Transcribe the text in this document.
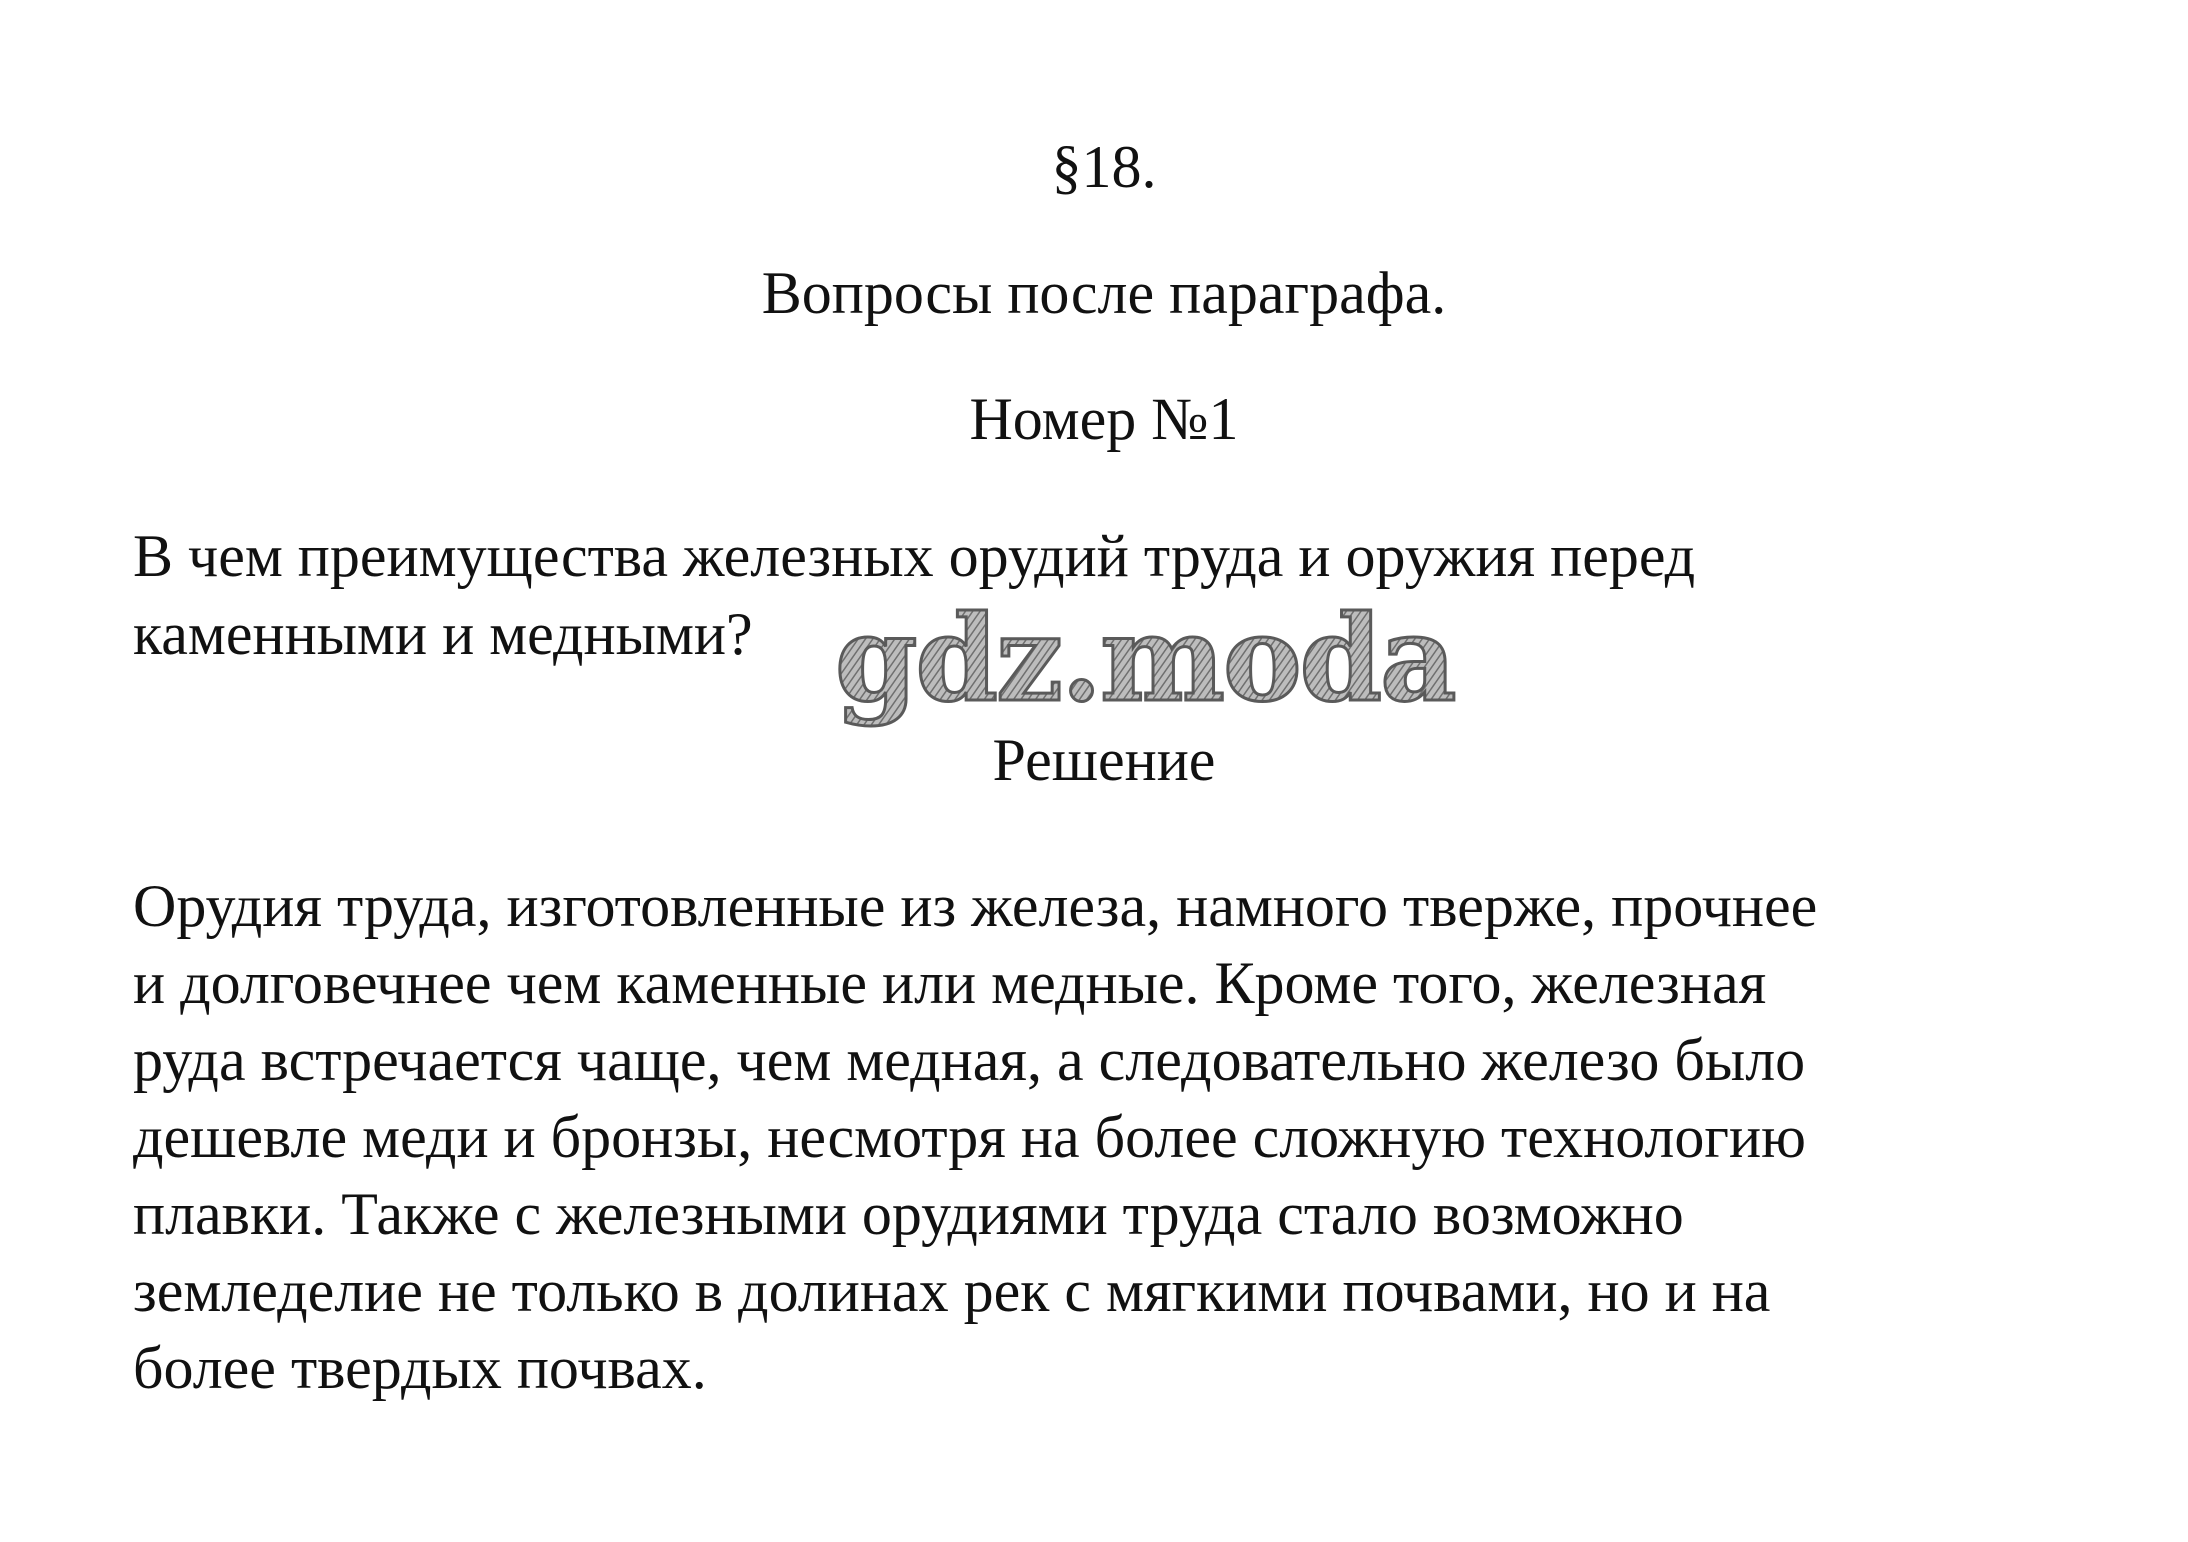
§18.
Вопросы после параграфа.
Номер №1

В чем преимущества железных орудий труда и оружия перед
каменными и медными? gdz.moda
Решение

Орудия труда, изготовленные из железа, намного тверже, прочнее
и долговечнее чем каменные или медные. Кроме того, железная
руда встречается чаще, чем медная, а следовательно железо было
дешевле меди и бронзы, несмотря на более сложную технологию
плавки. Также с железными орудиями труда стало возможно
земледелие не только в долинах рек с мягкими почвами, но и на
более твердых почвах.
